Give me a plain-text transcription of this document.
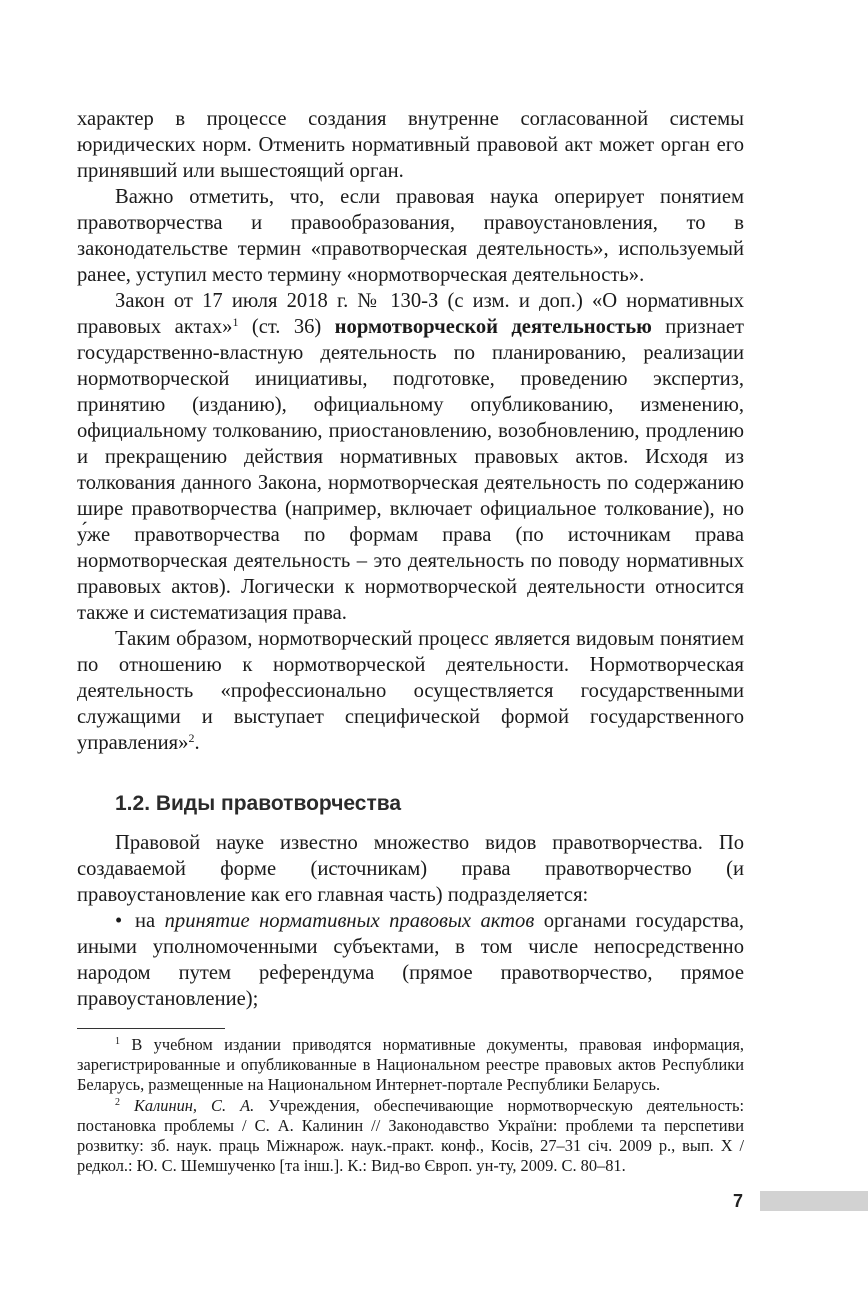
характер в процессе создания внутренне согласованной системы юридических норм. Отменить нормативный правовой акт может орган его принявший или вышестоящий орган.

Важно отметить, что, если правовая наука оперирует понятием правотворчества и правообразования, правоустановления, то в законодательстве термин «правотворческая деятельность», используемый ранее, уступил место термину «нормотворческая деятельность».

Закон от 17 июля 2018 г. № 130-З (с изм. и доп.) «О нормативных правовых актах»$^1$ (ст. 36) нормотворческой деятельностью признает государственно-властную деятельность по планированию, реализации нормотворческой инициативы, подготовке, проведению экспертиз, принятию (изданию), официальному опубликованию, изменению, официальному толкованию, приостановлению, возобновлению, продлению и прекращению действия нормативных правовых актов. Исходя из толкования данного Закона, нормотворческая деятельность по содержанию шире правотворчества (например, включает официальное толкование), но у́же правотворчества по формам права (по источникам права нормотворческая деятельность – это деятельность по поводу нормативных правовых актов). Логически к нормотворческой деятельности относится также и систематизация права.

Таким образом, нормотворческий процесс является видовым понятием по отношению к нормотворческой деятельности. Нормотворческая деятельность «профессионально осуществляется государственными служащими и выступает специфической формой государственного управления»$^2$.

1.2. Виды правотворчества

Правовой науке известно множество видов правотворчества. По создаваемой форме (источникам) права правотворчество (и правоустановление как его главная часть) подразделяется:

• на принятие нормативных правовых актов органами государства, иными уполномоченными субъектами, в том числе непосредственно народом путем референдума (прямое правотворчество, прямое правоустановление);

$^1$ В учебном издании приводятся нормативные документы, правовая информация, зарегистрированные и опубликованные в Национальном реестре правовых актов Республики Беларусь, размещенные на Национальном Интернет-портале Республики Беларусь.

$^2$ Калинин, С. А. Учреждения, обеспечивающие нормотворческую деятельность: постановка проблемы / С. А. Калинин // Законодавство України: проблеми та перспетиви розвитку: зб. наук. праць Міжнарож. наук.-практ. конф., Косів, 27–31 січ. 2009 р., вып. X / редкол.: Ю. С. Шемшученко [та інш.]. К.: Вид-во Європ. ун-ту, 2009. С. 80–81.

7
